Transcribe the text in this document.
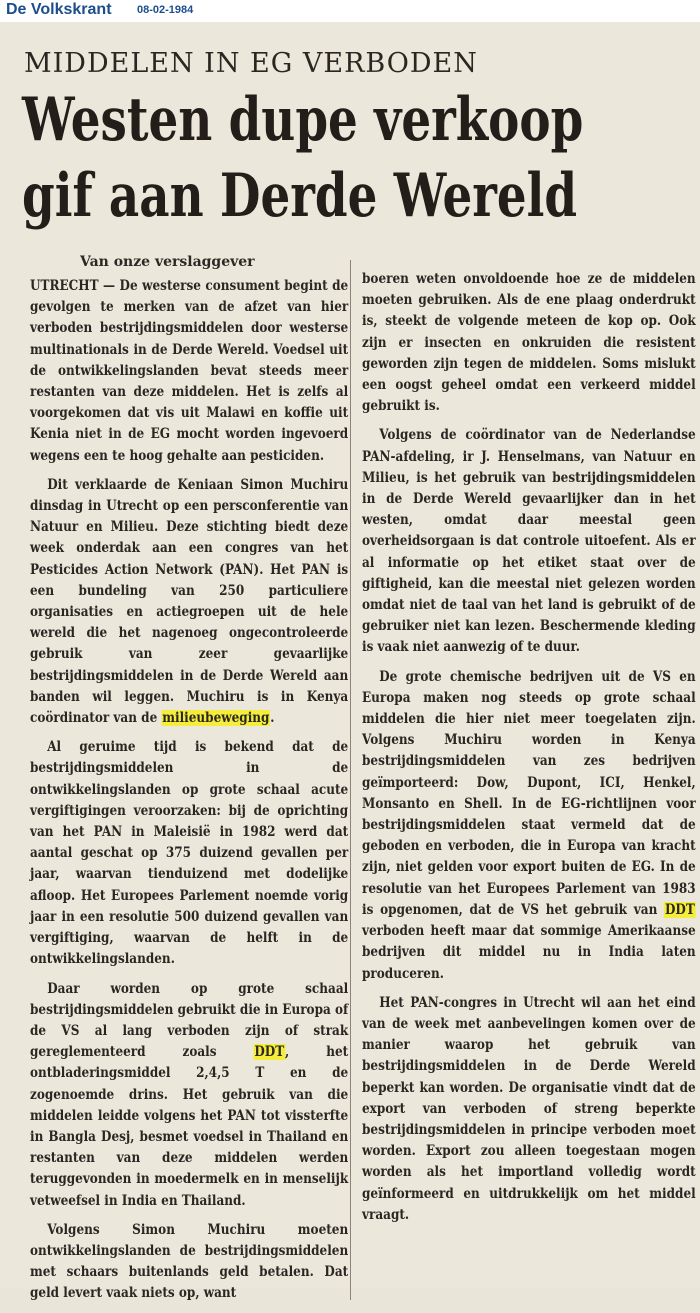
De Volkskrant 08-02-1984
MIDDELEN IN EG VERBODEN
Westen dupe verkoop
gif aan Derde Wereld
Van onze verslaggever

UTRECHT — De westerse consument begint de gevolgen te merken van de afzet van hier verboden bestrijdingsmiddelen door westerse multinationals in de Derde Wereld. Voedsel uit de ontwikkelingslanden bevat steeds meer restanten van deze middelen. Het is zelfs al voorgekomen dat vis uit Malawi en koffie uit Kenia niet in de EG mocht worden ingevoerd wegens een te hoog gehalte aan pesticiden.

Dit verklaarde de Keniaan Simon Muchiru dinsdag in Utrecht op een persconferentie van Natuur en Milieu. Deze stichting biedt deze week onderdak aan een congres van het Pesticides Action Network (PAN). Het PAN is een bundeling van 250 particuliere organisaties en actiegroepen uit de hele wereld die het nagenoeg ongecontroleerde gebruik van zeer gevaarlijke bestrijdingsmiddelen in de Derde Wereld aan banden wil leggen. Muchiru is in Kenya coördinator van de milieubeweging.

Al geruime tijd is bekend dat de bestrijdingsmiddelen in de ontwikkelingslanden op grote schaal acute vergiftigingen veroorzaken: bij de oprichting van het PAN in Maleisië in 1982 werd dat aantal geschat op 375 duizend gevallen per jaar, waarvan tienduizend met dodelijke afloop. Het Europees Parlement noemde vorig jaar in een resolutie 500 duizend gevallen van vergiftiging, waarvan de helft in de ontwikkelingslanden.

Daar worden op grote schaal bestrijdingsmiddelen gebruikt die in Europa of de VS al lang verboden zijn of strak gereglementeerd zoals	DDT, het ontbladeringsmiddel 2,4,5 T en de zogenoemde drins. Het gebruik van die middelen leidde volgens het PAN tot vissterfte in Bangla Desj, besmet voedsel in Thailand en restanten van deze middelen werden teruggevonden in moedermelk en in menselijk vetweefsel in India en Thailand.

Volgens Simon Muchiru moeten ontwikkelingslanden de bestrijdingsmiddelen met schaars buitenlands geld betalen. Dat geld levert vaak niets op, want

boeren weten onvoldoende hoe ze de middelen moeten gebruiken. Als de ene plaag onderdrukt is, steekt de volgende meteen de kop op. Ook zijn er insecten en onkruiden die resistent geworden zijn tegen de middelen. Soms mislukt een oogst geheel omdat een verkeerd middel gebruikt is.

Volgens de coördinator van de Nederlandse PAN-afdeling, ir J. Henselmans, van Natuur en Milieu, is het gebruik van bestrijdingsmiddelen in de Derde Wereld gevaarlijker dan in het westen, omdat daar meestal geen overheidsorgaan is dat controle uitoefent. Als er al informatie op het etiket staat over de giftigheid, kan die meestal niet gelezen worden omdat niet de taal van het land is gebruikt of de gebruiker niet kan lezen. Beschermende kleding is vaak niet aanwezig of te duur.

De grote chemische bedrijven uit de VS en Europa maken nog steeds op grote schaal middelen die hier niet meer toegelaten zijn. Volgens Muchiru worden in Kenya bestrijdingsmiddelen van zes bedrijven geïmporteerd: Dow, Dupont, ICI, Henkel, Monsanto en Shell. In de EG-richtlijnen voor bestrijdingsmiddelen staat vermeld dat de geboden en verboden, die in Europa van kracht zijn, niet gelden voor export buiten de EG. In de resolutie van het Europees Parlement van 1983 is opgenomen, dat de VS het gebruik van DDT verboden heeft maar dat sommige Amerikaanse bedrijven dit middel nu in India laten produceren.

Het PAN-congres in Utrecht wil aan het eind van de week met aanbevelingen komen over de manier waarop het gebruik van bestrijdingsmiddelen in de Derde Wereld beperkt kan worden. De organisatie vindt dat de export van verboden of streng beperkte bestrijdingsmiddelen in principe verboden moet worden. Export zou alleen toegestaan mogen worden als het importland volledig wordt geïnformeerd en uitdrukkelijk om het middel vraagt.
